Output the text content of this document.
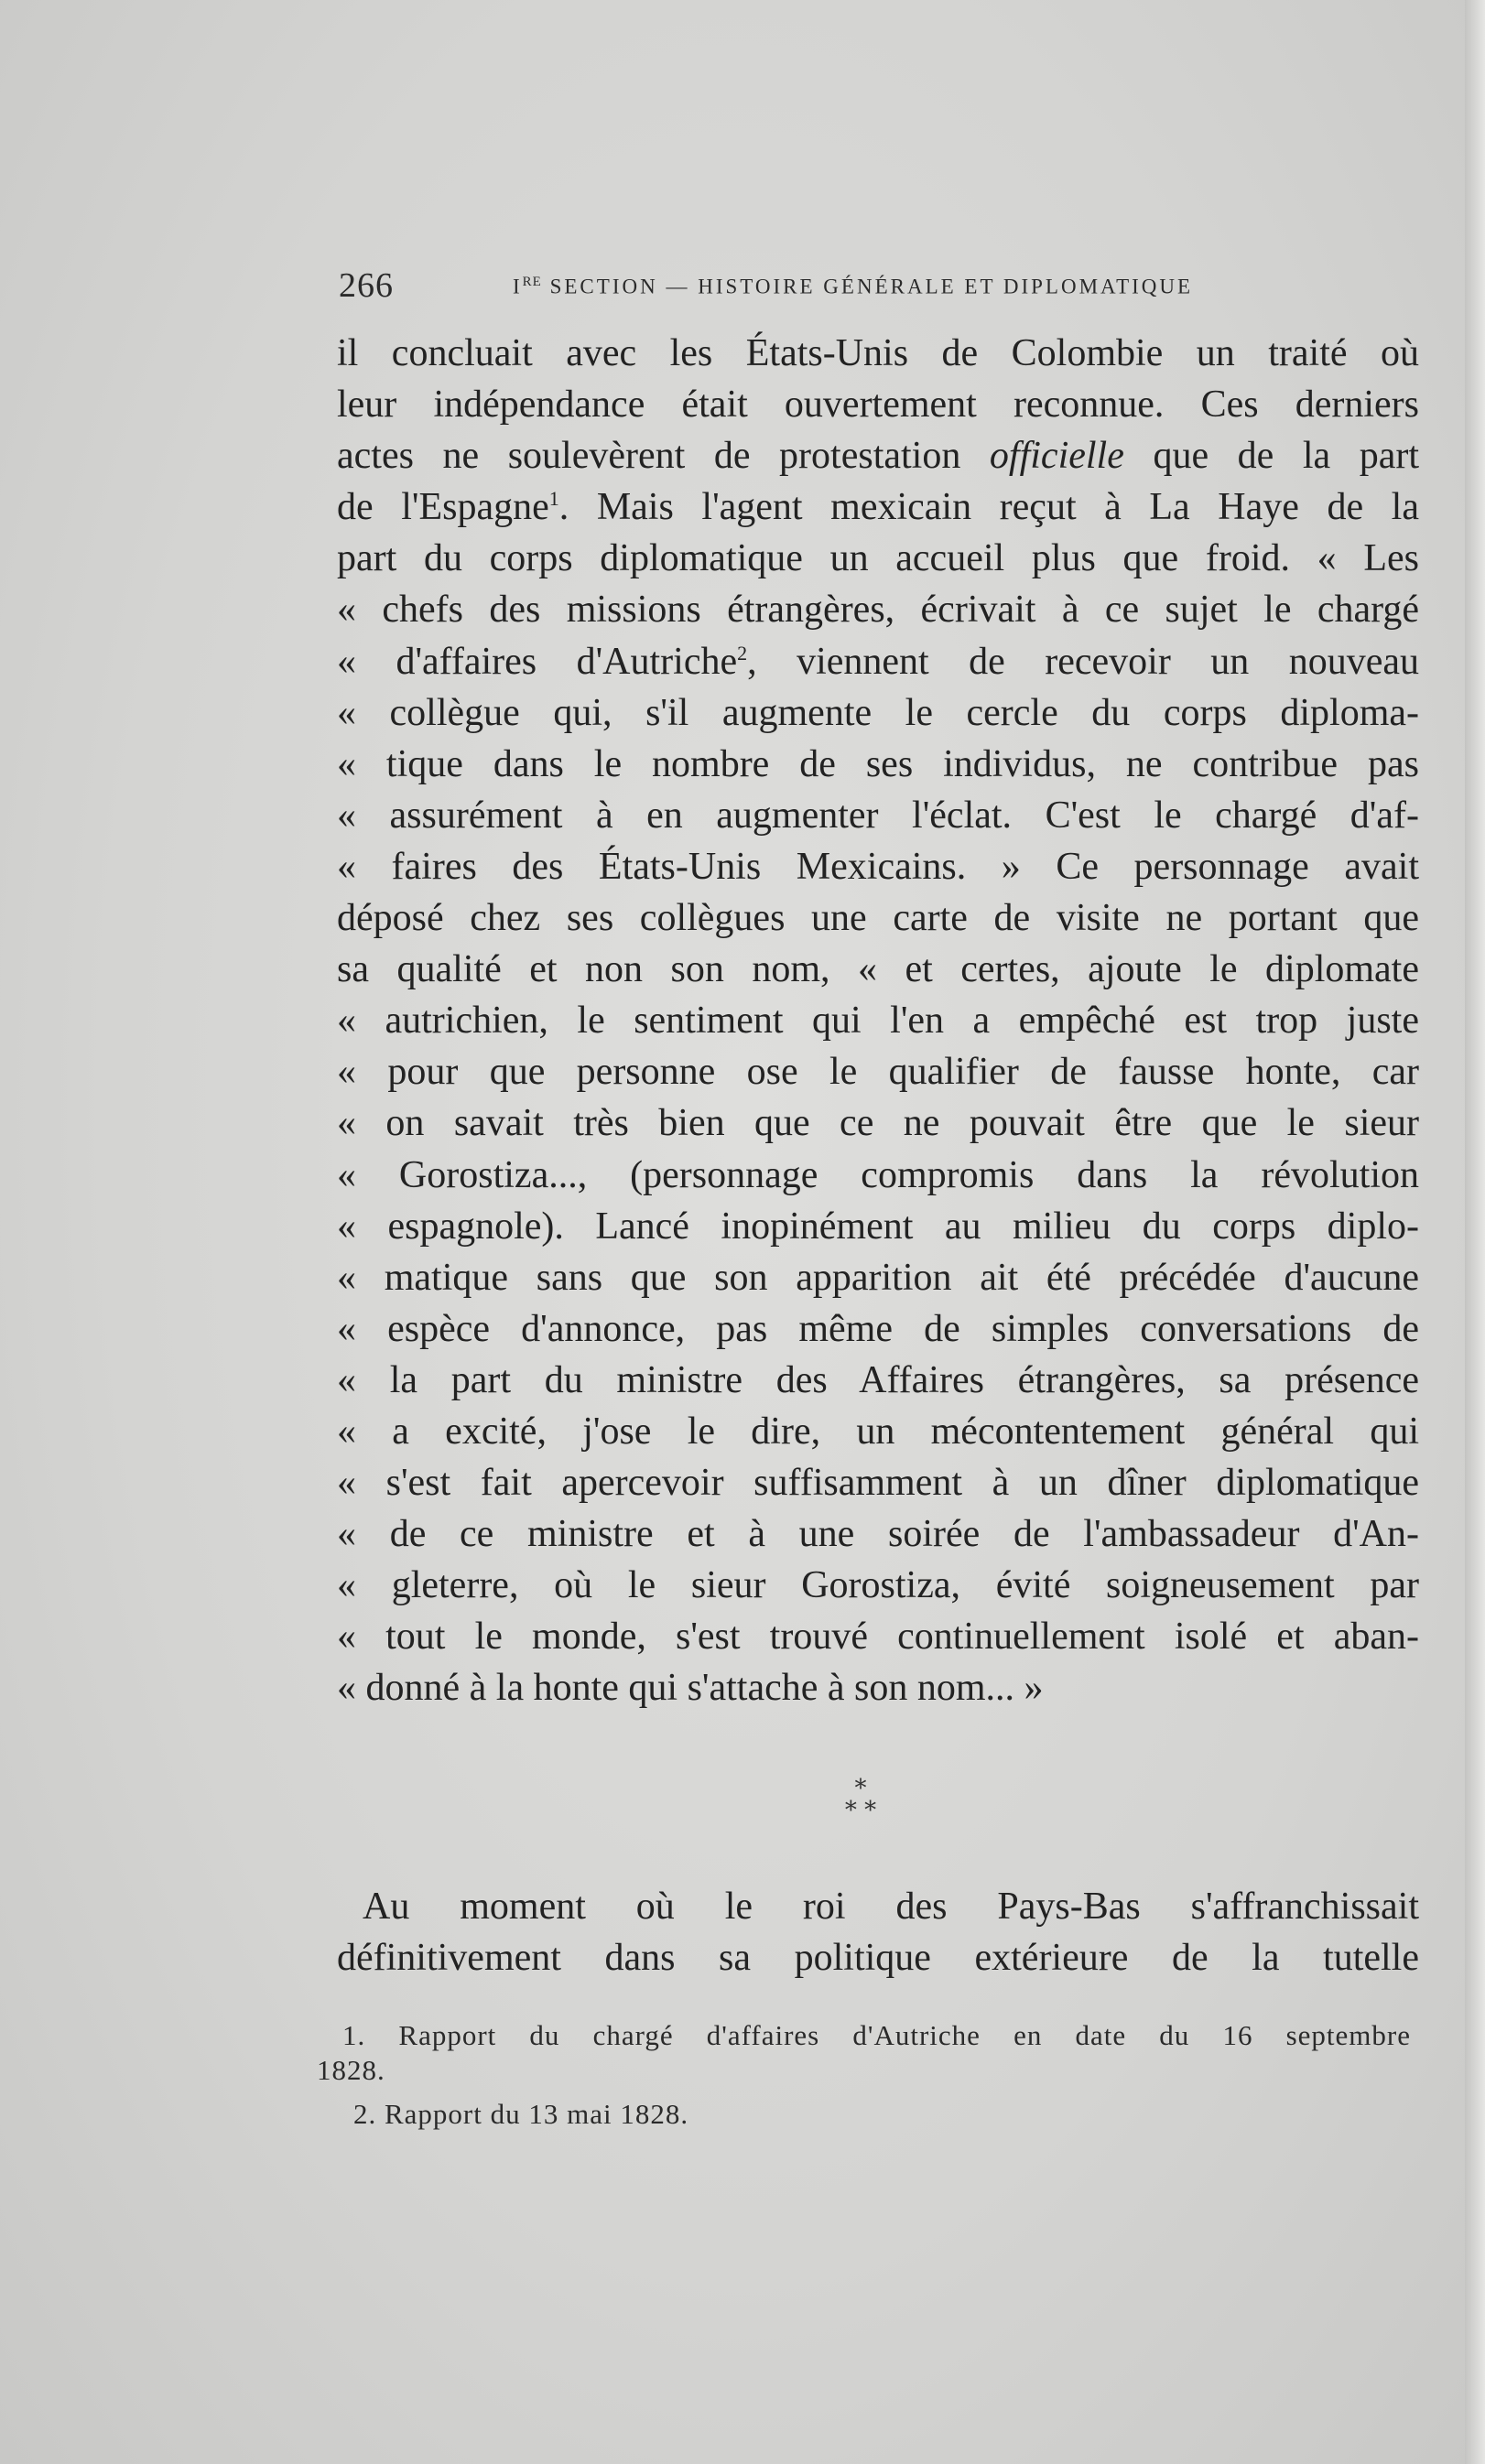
266	IRE SECTION — HISTOIRE GÉNÉRALE ET DIPLOMATIQUE
il concluait avec les États-Unis de Colombie un traité où
leur indépendance était ouvertement reconnue. Ces derniers
actes ne soulevèrent de protestation officielle que de la part
de l'Espagne$^1$. Mais l'agent mexicain reçut à La Haye de la
part du corps diplomatique un accueil plus que froid. « Les
« chefs des missions étrangères, écrivait à ce sujet le chargé
« d'affaires d'Autriche$^2$, viennent de recevoir un nouveau
« collègue qui, s'il augmente le cercle du corps diploma-
« tique dans le nombre de ses individus, ne contribue pas
« assurément à en augmenter l'éclat. C'est le chargé d'af-
« faires des États-Unis Mexicains. » Ce personnage avait
déposé chez ses collègues une carte de visite ne portant que
sa qualité et non son nom, « et certes, ajoute le diplomate
« autrichien, le sentiment qui l'en a empêché est trop juste
« pour que personne ose le qualifier de fausse honte, car
« on savait très bien que ce ne pouvait être que le sieur
« Gorostiza..., (personnage compromis dans la révolution
« espagnole). Lancé inopinément au milieu du corps diplo-
« matique sans que son apparition ait été précédée d'aucune
« espèce d'annonce, pas même de simples conversations de
« la part du ministre des Affaires étrangères, sa présence
« a excité, j'ose le dire, un mécontentement général qui
« s'est fait apercevoir suffisamment à un dîner diplomatique
« de ce ministre et à une soirée de l'ambassadeur d'An-
« gleterre, où le sieur Gorostiza, évité soigneusement par
« tout le monde, s'est trouvé continuellement isolé et aban-
« donné à la honte qui s'attache à son nom... »
*
* *
Au moment où le roi des Pays-Bas s'affranchissait
définitivement dans sa politique extérieure de la tutelle
1. Rapport du chargé d'affaires d'Autriche en date du 16 septembre
1828.
2. Rapport du 13 mai 1828.
